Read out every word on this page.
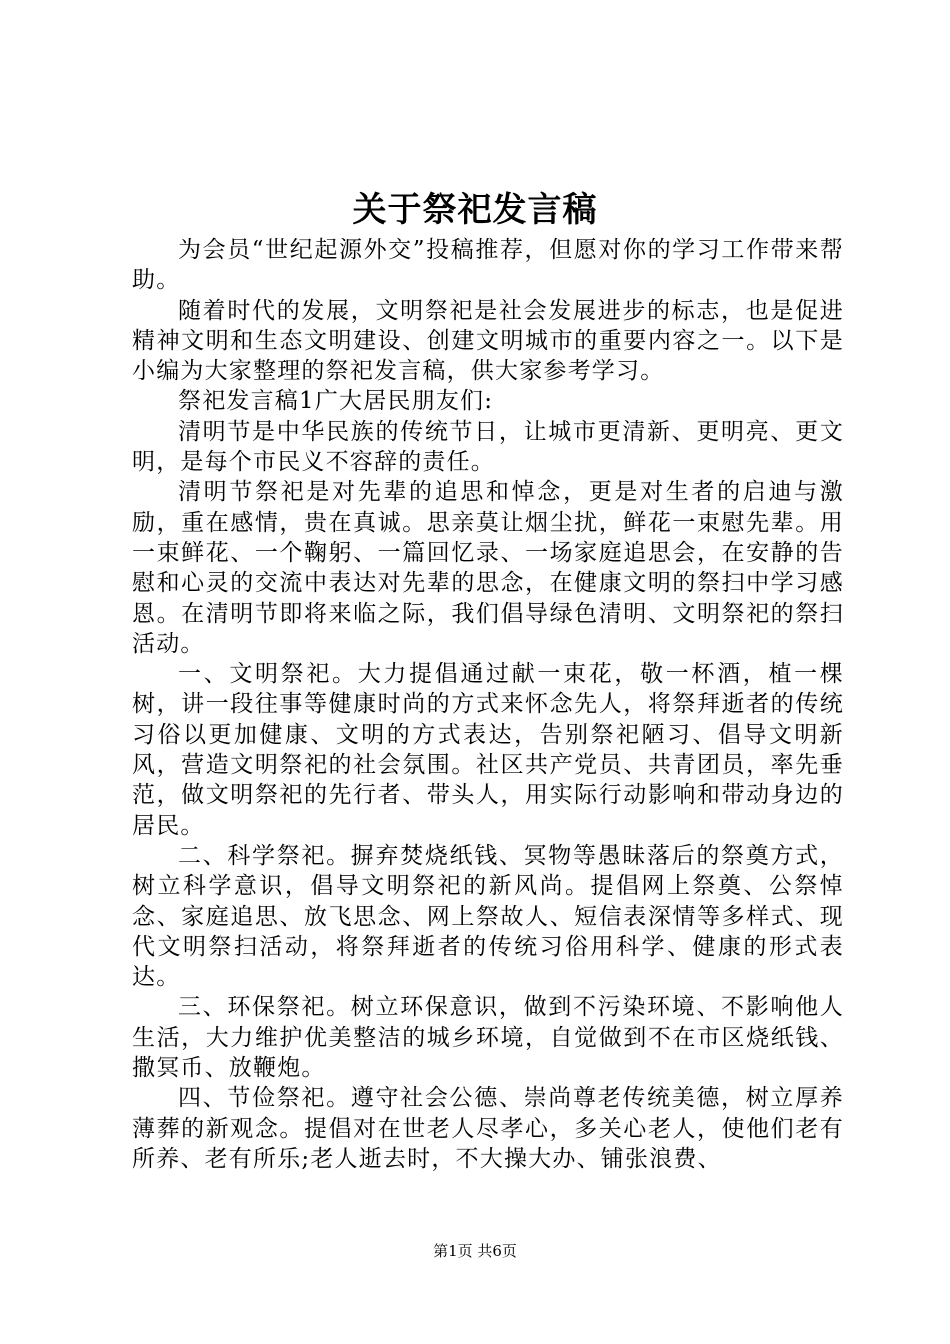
关于祭祀发言稿

为会员“世纪起源外交”投稿推荐，但愿对你的学习工作带来帮助。

随着时代的发展，文明祭祀是社会发展进步的标志，也是促进精神文明和生态文明建设、创建文明城市的重要内容之一。以下是小编为大家整理的祭祀发言稿，供大家参考学习。

祭祀发言稿1广大居民朋友们:

清明节是中华民族的传统节日，让城市更清新、更明亮、更文明，是每个市民义不容辞的责任。

清明节祭祀是对先辈的追思和悼念，更是对生者的启迪与激励，重在感情，贵在真诚。思亲莫让烟尘扰，鲜花一束慰先辈。用一束鲜花、一个鞠躬、一篇回忆录、一场家庭追思会，在安静的告慰和心灵的交流中表达对先辈的思念，在健康文明的祭扫中学习感恩。在清明节即将来临之际，我们倡导绿色清明、文明祭祀的祭扫活动。

一、文明祭祀。大力提倡通过献一束花，敬一杯酒，植一棵树，讲一段往事等健康时尚的方式来怀念先人，将祭拜逝者的传统习俗以更加健康、文明的方式表达，告别祭祀陋习、倡导文明新风，营造文明祭祀的社会氛围。社区共产党员、共青团员，率先垂范，做文明祭祀的先行者、带头人，用实际行动影响和带动身边的居民。

二、科学祭祀。摒弃焚烧纸钱、冥物等愚昧落后的祭奠方式，树立科学意识，倡导文明祭祀的新风尚。提倡网上祭奠、公祭悼念、家庭追思、放飞思念、网上祭故人、短信表深情等多样式、现代文明祭扫活动，将祭拜逝者的传统习俗用科学、健康的形式表达。

三、环保祭祀。树立环保意识，做到不污染环境、不影响他人生活，大力维护优美整洁的城乡环境，自觉做到不在市区烧纸钱、撒冥币、放鞭炮。

四、节俭祭祀。遵守社会公德、崇尚尊老传统美德，树立厚养薄葬的新观念。提倡对在世老人尽孝心，多关心老人，使他们老有所养、老有所乐;老人逝去时，不大操大办、铺张浪费、

第1页 共6页
